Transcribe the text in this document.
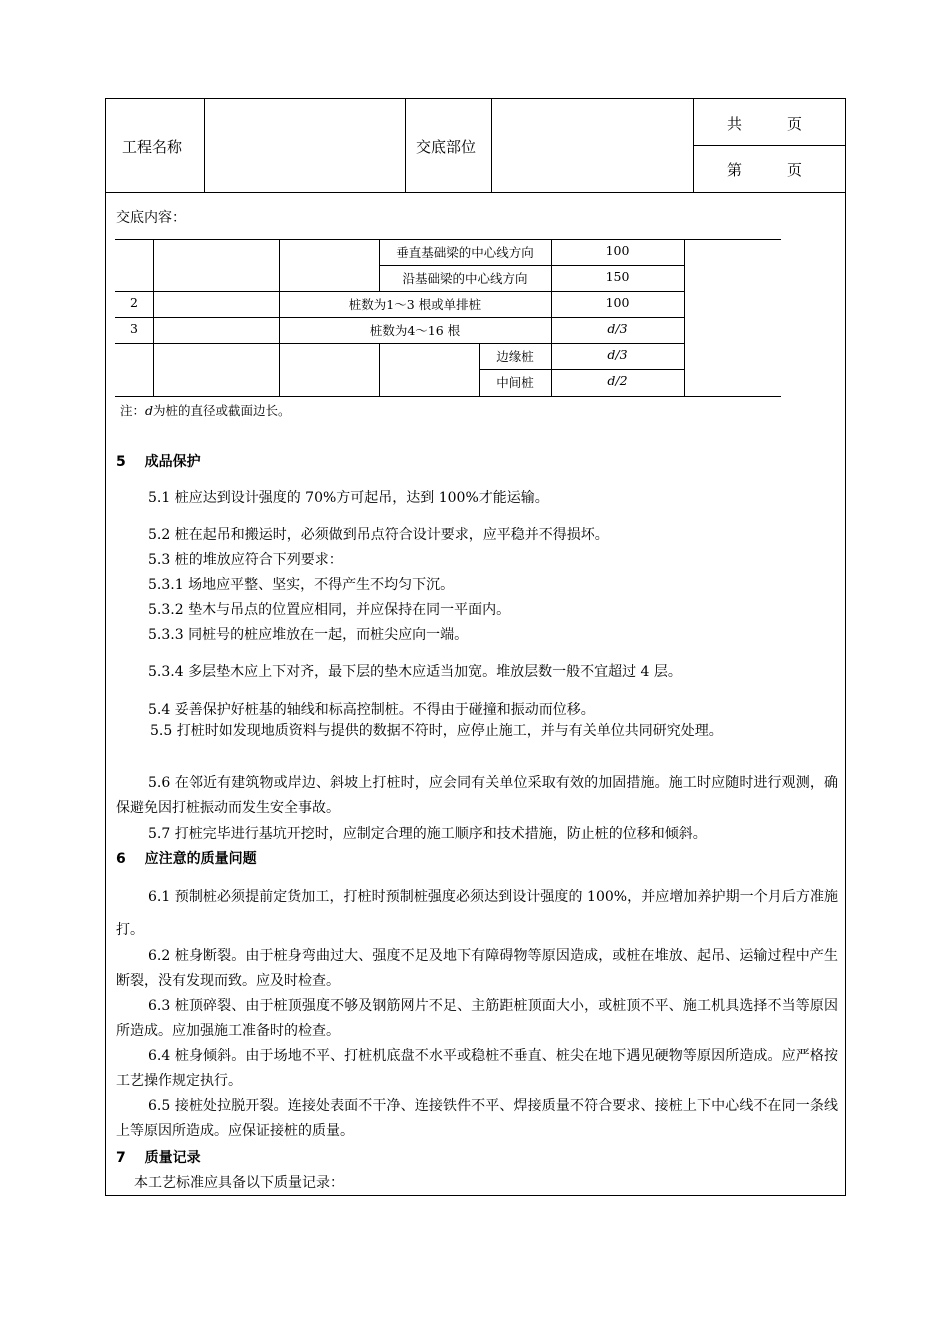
工程名称	交底部位
共　　　页
第　　　页
交底内容：
垂直基础梁的中心线方向	100
沿基础梁的中心线方向	150
2	桩数为1～3 根或单排桩	100
3	桩数为4～16 根	d/3
边缘桩	d/3
中间桩	d/2
注：d为桩的直径或截面边长。
5　 成品保护
5.1 桩应达到设计强度的 70%方可起吊，达到 100%才能运输。
5.2 桩在起吊和搬运时，必须做到吊点符合设计要求，应平稳并不得损坏。
5.3 桩的堆放应符合下列要求：
5.3.1 场地应平整、坚实，不得产生不均匀下沉。
5.3.2 垫木与吊点的位置应相同，并应保持在同一平面内。
5.3.3 同桩号的桩应堆放在一起，而桩尖应向一端。
5.3.4 多层垫木应上下对齐，最下层的垫木应适当加宽。堆放层数一般不宜超过 4 层。
5.4 妥善保护好桩基的轴线和标高控制桩。不得由于碰撞和振动而位移。
5.5 打桩时如发现地质资料与提供的数据不符时，应停止施工，并与有关单位共同研究处理。
5.6 在邻近有建筑物或岸边、斜坡上打桩时，应会同有关单位采取有效的加固措施。施工时应随时进行观测，确保避免因打桩振动而发生安全事故。
5.7 打桩完毕进行基坑开挖时，应制定合理的施工顺序和技术措施，防止桩的位移和倾斜。
6　 应注意的质量问题
6.1 预制桩必须提前定货加工，打桩时预制桩强度必须达到设计强度的 100%，并应增加养护期一个月后方准施打。
6.2 桩身断裂。由于桩身弯曲过大、强度不足及地下有障碍物等原因造成，或桩在堆放、起吊、运输过程中产生断裂，没有发现而致。应及时检查。
6.3 桩顶碎裂、由于桩顶强度不够及钢筋网片不足、主筋距桩顶面大小，或桩顶不平、施工机具选择不当等原因所造成。应加强施工准备时的检查。
6.4 桩身倾斜。由于场地不平、打桩机底盘不水平或稳桩不垂直、桩尖在地下遇见硬物等原因所造成。应严格按工艺操作规定执行。
6.5 接桩处拉脱开裂。连接处表面不干净、连接铁件不平、焊接质量不符合要求、接桩上下中心线不在同一条线上等原因所造成。应保证接桩的质量。
7　 质量记录
本工艺标准应具备以下质量记录：
